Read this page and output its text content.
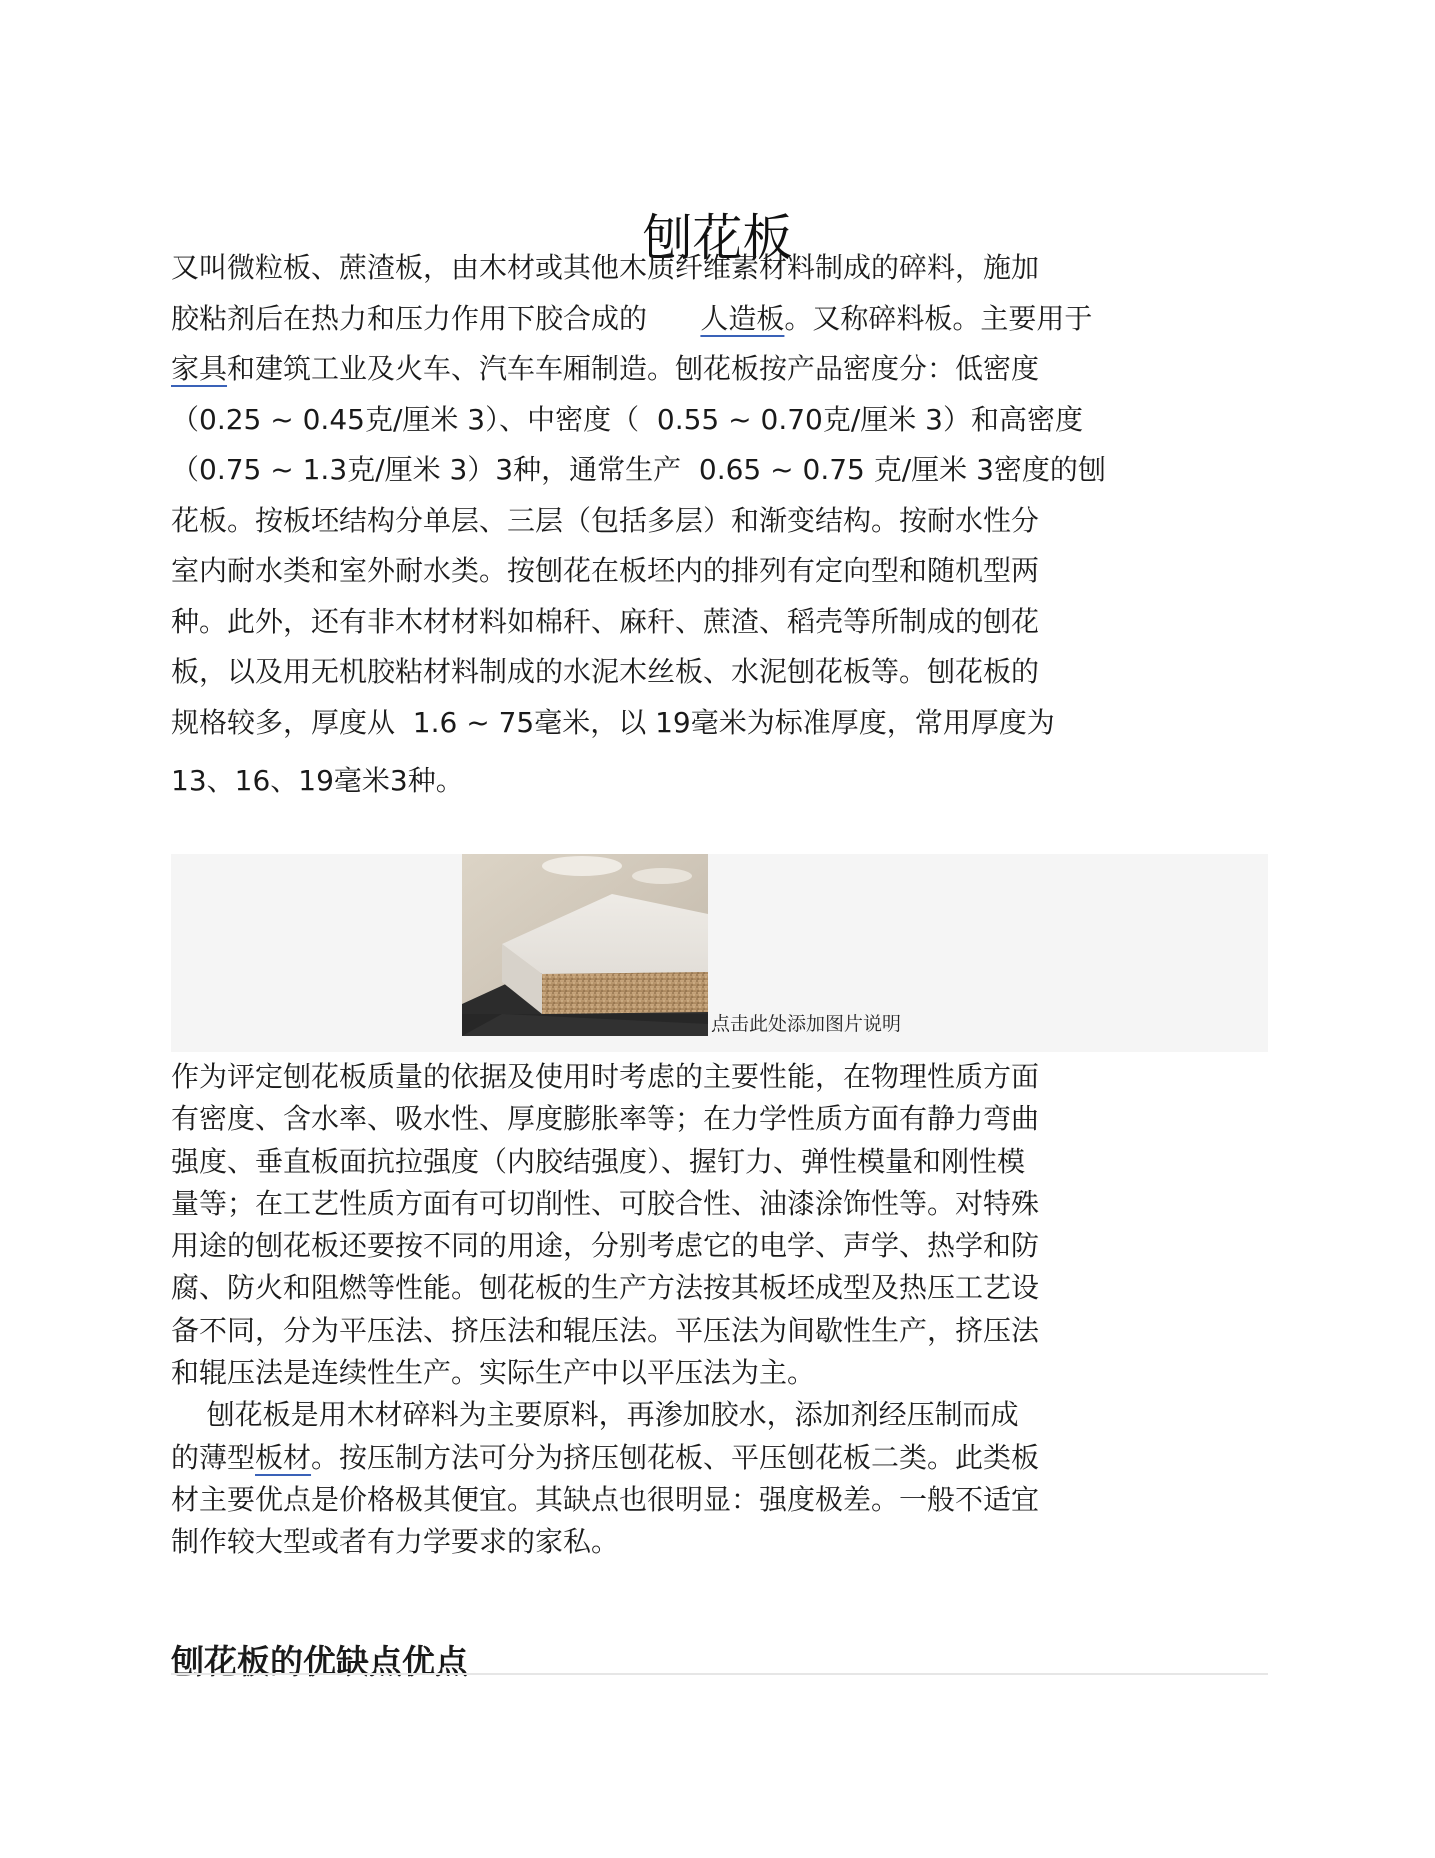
刨花板
又叫微粒板、蔗渣板，由木材或其他木质纤维素材料制成的碎料，施加
胶粘剂后在热力和压力作用下胶合成的      人造板。又称碎料板。主要用于
家具和建筑工业及火车、汽车车厢制造。刨花板按产品密度分：低密度
（0.25 ~ 0.45克/厘米 3）、中密度（  0.55 ~ 0.70克/厘米 3）和高密度
（0.75 ~ 1.3克/厘米 3）3种，通常生产  0.65 ~ 0.75 克/厘米 3密度的刨
花板。按板坯结构分单层、三层（包括多层）和渐变结构。按耐水性分
室内耐水类和室外耐水类。按刨花在板坯内的排列有定向型和随机型两
种。此外，还有非木材材料如棉秆、麻秆、蔗渣、稻壳等所制成的刨花
板，以及用无机胶粘材料制成的水泥木丝板、水泥刨花板等。刨花板的
规格较多，厚度从  1.6 ~ 75毫米，以 19毫米为标准厚度，常用厚度为
13、16、19毫米3种。
点击此处添加图片说明
作为评定刨花板质量的依据及使用时考虑的主要性能，在物理性质方面
有密度、含水率、吸水性、厚度膨胀率等；在力学性质方面有静力弯曲
强度、垂直板面抗拉强度（内胶结强度）、握钉力、弹性模量和刚性模
量等；在工艺性质方面有可切削性、可胶合性、油漆涂饰性等。对特殊
用途的刨花板还要按不同的用途，分别考虑它的电学、声学、热学和防
腐、防火和阻燃等性能。刨花板的生产方法按其板坯成型及热压工艺设
备不同，分为平压法、挤压法和辊压法。平压法为间歇性生产，挤压法
和辊压法是连续性生产。实际生产中以平压法为主。
刨花板是用木材碎料为主要原料，再渗加胶水，添加剂经压制而成
的薄型板材。按压制方法可分为挤压刨花板、平压刨花板二类。此类板
材主要优点是价格极其便宜。其缺点也很明显：强度极差。一般不适宜
制作较大型或者有力学要求的家私。
刨花板的优缺点优点
